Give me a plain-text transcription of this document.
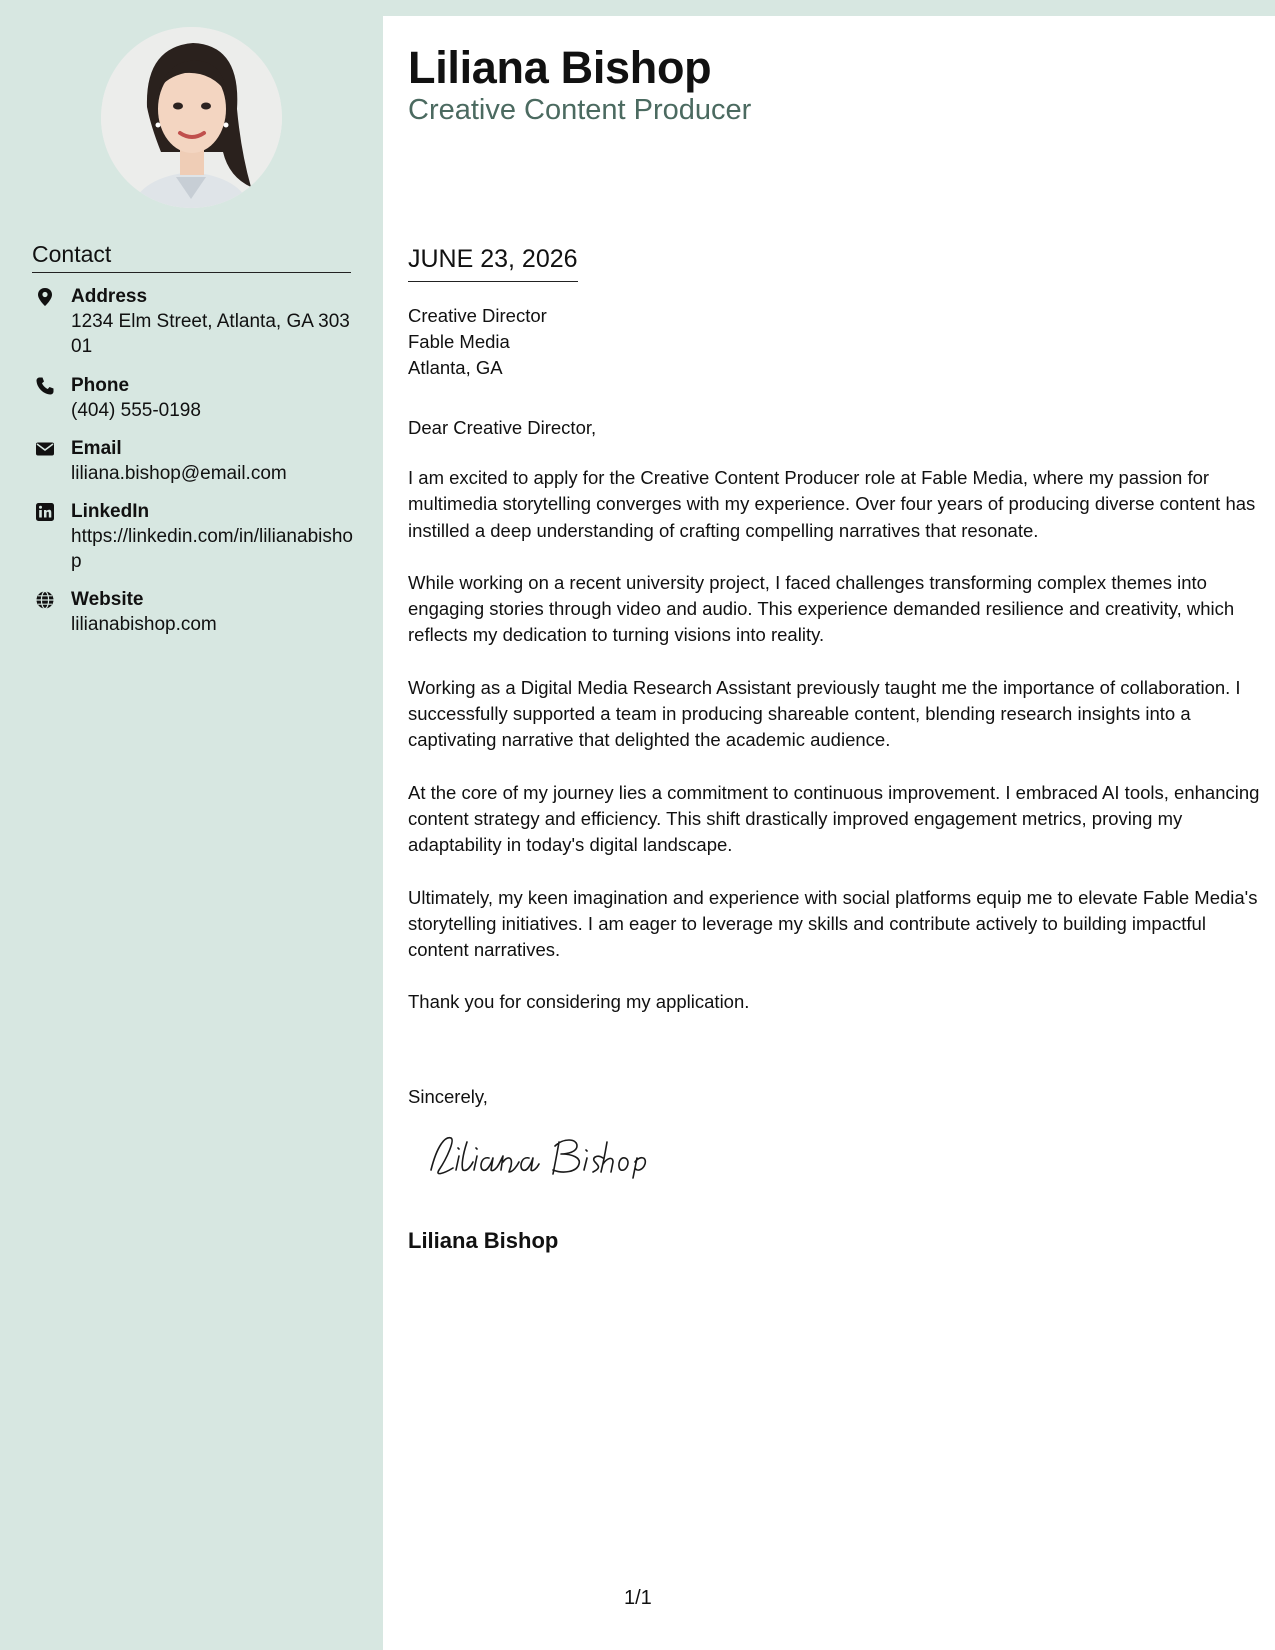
Contact
Address
1234 Elm Street, Atlanta, GA 30301
Phone
(404) 555-0198
Email
liliana.bishop@email.com
LinkedIn
https://linkedin.com/in/lilianabishop
Website
lilianabishop.com
Liliana Bishop
Creative Content Producer
JUNE 23, 2026
Creative Director
Fable Media
Atlanta, GA
Dear Creative Director,

I am excited to apply for the Creative Content Producer role at Fable Media, where my passion for multimedia storytelling converges with my experience. Over four years of producing diverse content has instilled a deep understanding of crafting compelling narratives that resonate.

While working on a recent university project, I faced challenges transforming complex themes into engaging stories through video and audio. This experience demanded resilience and creativity, which reflects my dedication to turning visions into reality.

Working as a Digital Media Research Assistant previously taught me the importance of collaboration. I successfully supported a team in producing shareable content, blending research insights into a captivating narrative that delighted the academic audience.

At the core of my journey lies a commitment to continuous improvement. I embraced AI tools, enhancing content strategy and efficiency. This shift drastically improved engagement metrics, proving my adaptability in today's digital landscape.

Ultimately, my keen imagination and experience with social platforms equip me to elevate Fable Media's storytelling initiatives. I am eager to leverage my skills and contribute actively to building impactful content narratives.

Thank you for considering my application.

Sincerely,
Liliana Bishop
1/1
